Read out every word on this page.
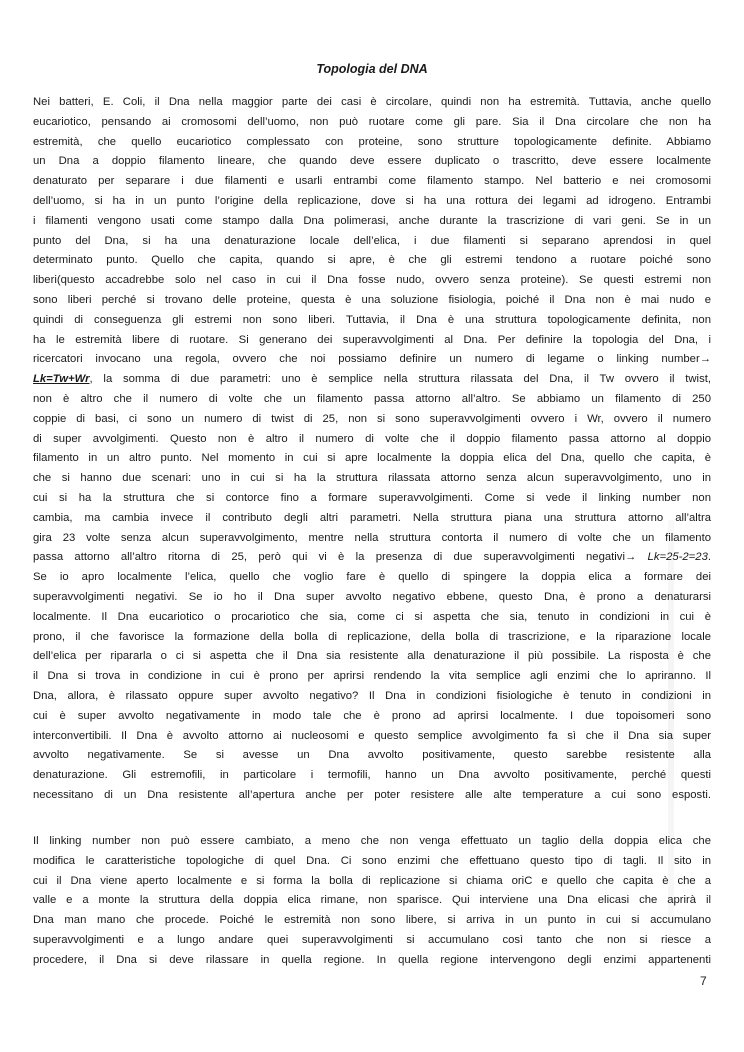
Topologia del DNA
Nei batteri, E. Coli, il Dna nella maggior parte dei casi è circolare, quindi non ha estremità. Tuttavia, anche quello
eucariotico, pensando ai cromosomi dell’uomo, non può ruotare come gli pare. Sia il Dna circolare che non ha
estremità, che quello eucariotico complessato con proteine, sono strutture topologicamente definite. Abbiamo
un Dna a doppio filamento lineare, che quando deve essere duplicato o trascritto, deve essere localmente
denaturato per separare i due filamenti e usarli entrambi come filamento stampo. Nel batterio e nei cromosomi
dell’uomo, si ha in un punto l’origine della replicazione, dove si ha una rottura dei legami ad idrogeno. Entrambi
i filamenti vengono usati come stampo dalla Dna polimerasi, anche durante la trascrizione di vari geni. Se in un
punto del Dna, si ha una denaturazione locale dell’elica, i due filamenti si separano aprendosi in quel
determinato punto. Quello che capita, quando si apre, è che gli estremi tendono a ruotare poiché sono
liberi(questo accadrebbe solo nel caso in cui il Dna fosse nudo, ovvero senza proteine). Se questi estremi non
sono liberi perché si trovano delle proteine, questa è una soluzione fisiologia, poiché il Dna non è mai nudo e
quindi di conseguenza gli estremi non sono liberi. Tuttavia, il Dna è una struttura topologicamente definita, non
ha le estremità libere di ruotare. Si generano dei superavvolgimenti al Dna. Per definire la topologia del Dna, i
ricercatori invocano una regola, ovvero che noi possiamo definire un numero di legame o linking number→
Lk=Tw+Wr, la somma di due parametri: uno è semplice nella struttura rilassata del Dna, il Tw ovvero il twist,
non è altro che il numero di volte che un filamento passa attorno all’altro. Se abbiamo un filamento di 250
coppie di basi, ci sono un numero di twist di 25, non si sono superavvolgimenti ovvero i Wr, ovvero il numero
di super avvolgimenti. Questo non è altro il numero di volte che il doppio filamento passa attorno al doppio
filamento in un altro punto. Nel momento in cui si apre localmente la doppia elica del Dna, quello che capita, è
che si hanno due scenari: uno in cui si ha la struttura rilassata attorno senza alcun superavvolgimento, uno in
cui si ha la struttura che si contorce fino a formare superavvolgimenti. Come si vede il linking number non
cambia, ma cambia invece il contributo degli altri parametri. Nella struttura piana una struttura attorno all’altra
gira 23 volte senza alcun superavvolgimento, mentre nella struttura contorta il numero di volte che un filamento
passa attorno all’altro ritorna di 25, però qui vi è la presenza di due superavvolgimenti negativi→ Lk=25-2=23.
Se io apro localmente l’elica, quello che voglio fare è quello di spingere la doppia elica a formare dei
superavvolgimenti negativi. Se io ho il Dna super avvolto negativo ebbene, questo Dna, è prono a denaturarsi
localmente. Il Dna eucariotico o procariotico che sia, come ci si aspetta che sia, tenuto in condizioni in cui è
prono, il che favorisce la formazione della bolla di replicazione, della bolla di trascrizione, e la riparazione locale
dell’elica per ripararla o ci si aspetta che il Dna sia resistente alla denaturazione il più possibile. La risposta è che
il Dna si trova in condizione in cui è prono per aprirsi rendendo la vita semplice agli enzimi che lo apriranno. Il
Dna, allora, è rilassato oppure super avvolto negativo? Il Dna in condizioni fisiologiche è tenuto in condizioni in
cui è super avvolto negativamente in modo tale che è prono ad aprirsi localmente. I due topoisomeri sono
interconvertibili. Il Dna è avvolto attorno ai nucleosomi e questo semplice avvolgimento fa sì che il Dna sia super
avvolto negativamente. Se si avesse un Dna avvolto positivamente, questo sarebbe resistente alla
denaturazione. Gli estremofili, in particolare i termofili, hanno un Dna avvolto positivamente, perché questi
necessitano di un Dna resistente all’apertura anche per poter resistere alle alte temperature a cui sono esposti.
Il linking number non può essere cambiato, a meno che non venga effettuato un taglio della doppia elica che
modifica le caratteristiche topologiche di quel Dna. Ci sono enzimi che effettuano questo tipo di tagli. Il sito in
cui il Dna viene aperto localmente e si forma la bolla di replicazione si chiama oriC e quello che capita è che a
valle e a monte la struttura della doppia elica rimane, non sparisce. Qui interviene una Dna elicasi che aprirà il
Dna man mano che procede. Poiché le estremità non sono libere, si arriva in un punto in cui si accumulano
superavvolgimenti e a lungo andare quei superavvolgimenti si accumulano così tanto che non si riesce a
procedere, il Dna si deve rilassare in quella regione. In quella regione intervengono degli enzimi appartenenti
7
